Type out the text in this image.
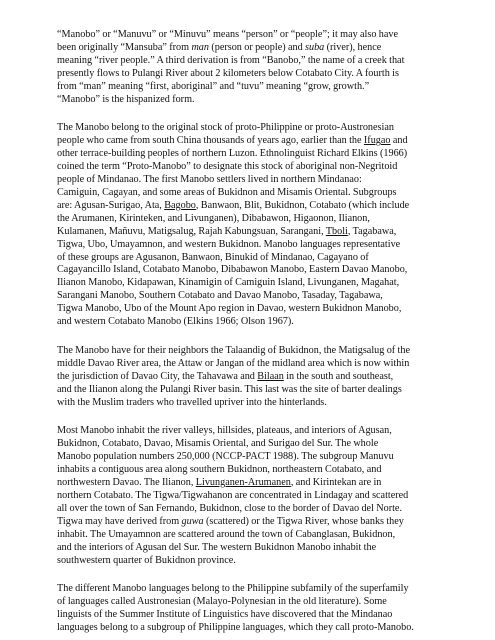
“Manobo” or “Manuvu” or “Minuvu” means “person” or “people”; it may also have
been originally “Mansuba” from man (person or people) and suba (river), hence
meaning “river people.” A third derivation is from “Banobo,” the name of a creek that
presently flows to Pulangi River about 2 kilometers below Cotabato City. A fourth is
from “man” meaning “first, aboriginal” and “tuvu” meaning “grow, growth.”
“Manobo” is the hispanized form.

The Manobo belong to the original stock of proto-Philippine or proto-Austronesian
people who came from south China thousands of years ago, earlier than the Ifugao and
other terrace-building peoples of northern Luzon. Ethnolinguist Richard Elkins (1966)
coined the term “Proto-Manobo” to designate this stock of aboriginal non-Negritoid
people of Mindanao. The first Manobo settlers lived in northern Mindanao:
Camiguin, Cagayan, and some areas of Bukidnon and Misamis Oriental. Subgroups
are: Agusan-Surigao, Ata, Bagobo, Banwaon, Blit, Bukidnon, Cotabato (which include
the Arumanen, Kirinteken, and Livunganen), Dibabawon, Higaonon, Ilianon,
Kulamanen, Mañuvu, Matigsalug, Rajah Kabungsuan, Sarangani, Tboli, Tagabawa,
Tigwa, Ubo, Umayamnon, and western Bukidnon. Manobo languages representative
of these groups are Agusanon, Banwaon, Binukid of Mindanao, Cagayano of
Cagayancillo Island, Cotabato Manobo, Dibabawon Manobo, Eastern Davao Manobo,
Ilianon Manobo, Kidapawan, Kinamigin of Camiguin Island, Livunganen, Magahat,
Sarangani Manobo, Southern Cotabato and Davao Manobo, Tasaday, Tagabawa,
Tigwa Manobo, Ubo of the Mount Apo region in Davao, western Bukidnon Manobo,
and western Cotabato Manobo (Elkins 1966; Olson 1967).

The Manobo have for their neighbors the Talaandig of Bukidnon, the Matigsalug of the
middle Davao River area, the Attaw or Jangan of the midland area which is now within
the jurisdiction of Davao City, the Tahavawa and Bilaan in the south and southeast,
and the Ilianon along the Pulangi River basin. This last was the site of barter dealings
with the Muslim traders who travelled upriver into the hinterlands.

Most Manobo inhabit the river valleys, hillsides, plateaus, and interiors of Agusan,
Bukidnon, Cotabato, Davao, Misamis Oriental, and Surigao del Sur. The whole
Manobo population numbers 250,000 (NCCP-PACT 1988). The subgroup Manuvu
inhabits a contiguous area along southern Bukidnon, northeastern Cotabato, and
northwestern Davao. The Ilianon, Livunganen-Arumanen, and Kirintekan are in
northern Cotabato. The Tigwa/Tigwahanon are concentrated in Lindagay and scattered
all over the town of San Fernando, Bukidnon, close to the border of Davao del Norte.
Tigwa may have derived from guwa (scattered) or the Tigwa River, whose banks they
inhabit. The Umayamnon are scattered around the town of Cabanglasan, Bukidnon,
and the interiors of Agusan del Sur. The western Bukidnon Manobo inhabit the
southwestern quarter of Bukidnon province.

The different Manobo languages belong to the Philippine subfamily of the superfamily
of languages called Austronesian (Malayo-Polynesian in the old literature). Some
linguists of the Summer Institute of Linguistics have discovered that the Mindanao
languages belong to a subgroup of Philippine languages, which they call proto-Manobo.
